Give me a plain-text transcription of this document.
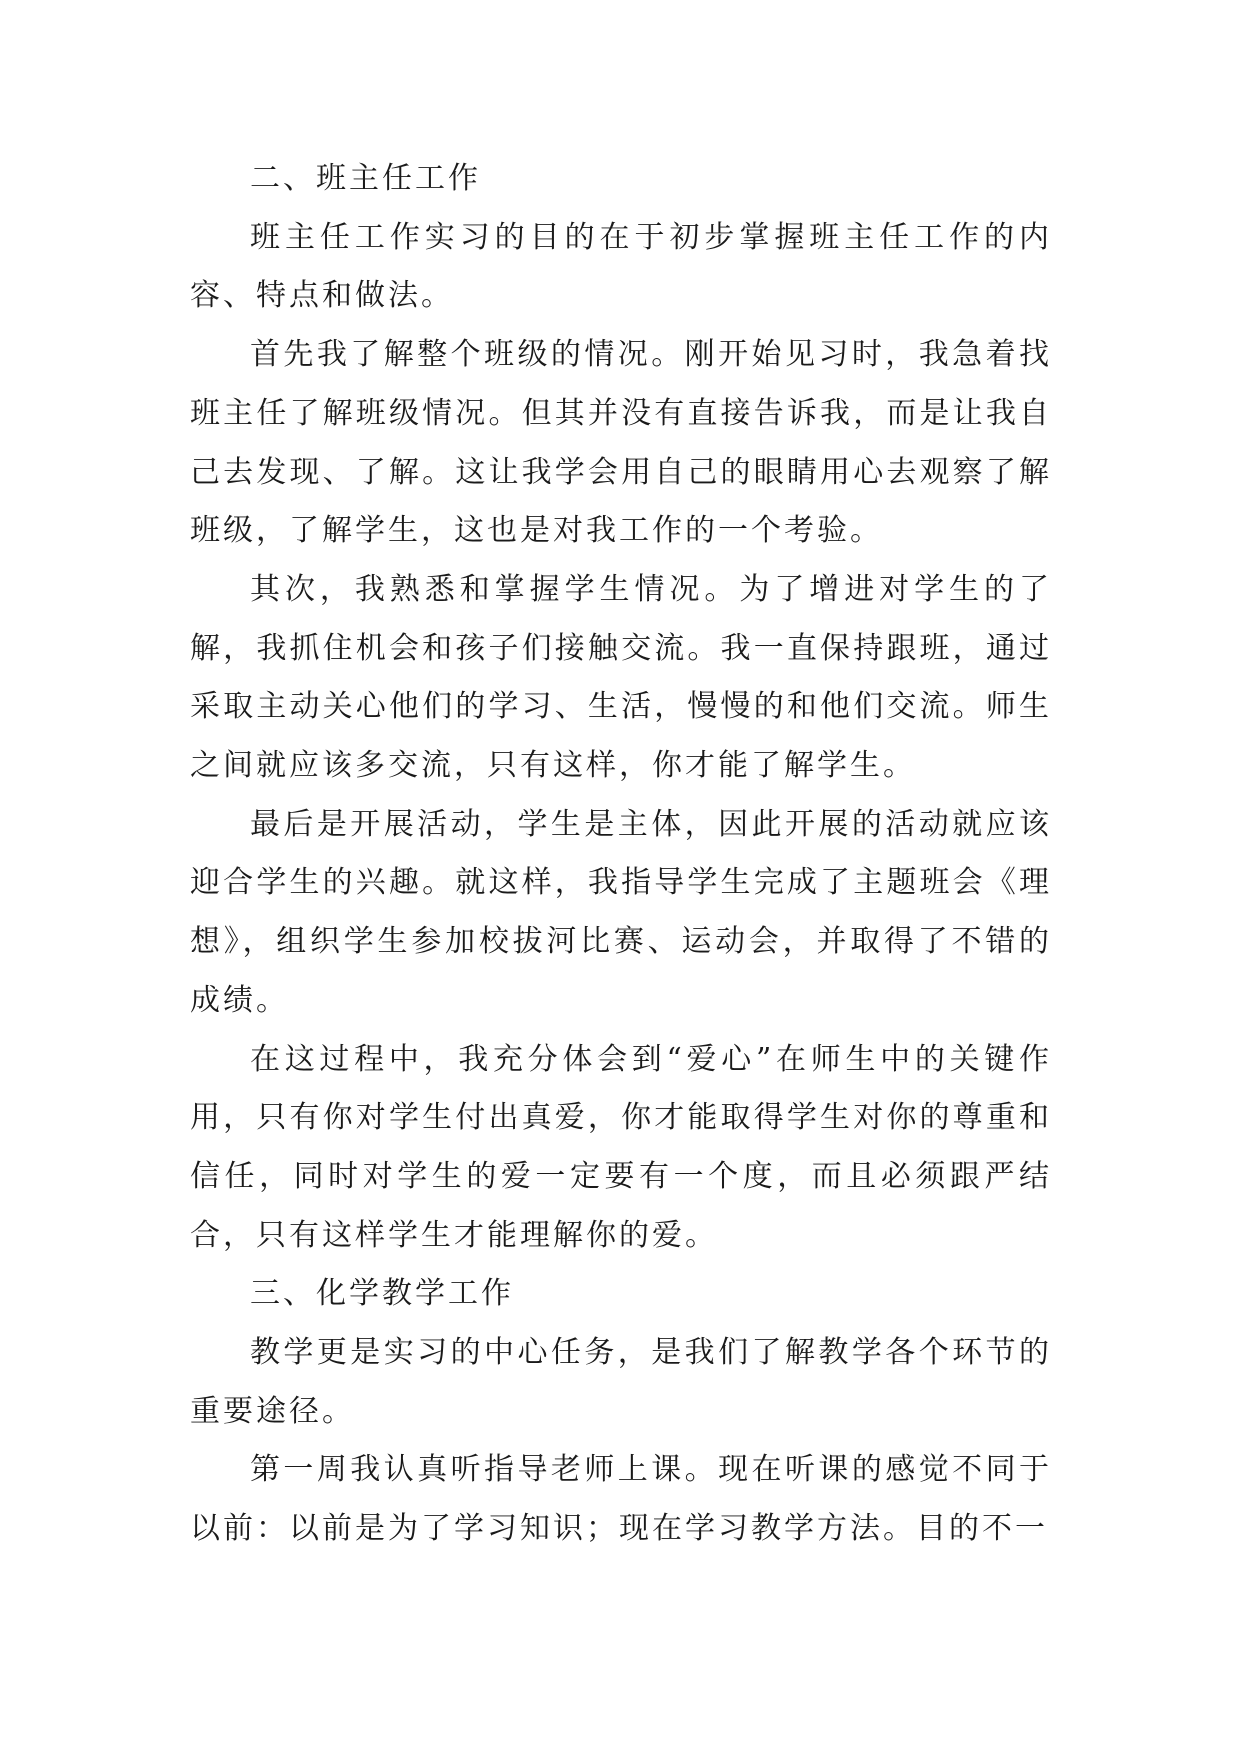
二、班主任工作

班主任工作实习的目的在于初步掌握班主任工作的内容、特点和做法。

首先我了解整个班级的情况。刚开始见习时，我急着找班主任了解班级情况。但其并没有直接告诉我，而是让我自己去发现、了解。这让我学会用自己的眼睛用心去观察了解班级，了解学生，这也是对我工作的一个考验。

其次，我熟悉和掌握学生情况。为了增进对学生的了解，我抓住机会和孩子们接触交流。我一直保持跟班，通过采取主动关心他们的学习、生活，慢慢的和他们交流。师生之间就应该多交流，只有这样，你才能了解学生。

最后是开展活动，学生是主体，因此开展的活动就应该迎合学生的兴趣。就这样，我指导学生完成了主题班会《理想》，组织学生参加校拔河比赛、运动会，并取得了不错的成绩。

在这过程中，我充分体会到“爱心”在师生中的关键作用，只有你对学生付出真爱，你才能取得学生对你的尊重和信任，同时对学生的爱一定要有一个度，而且必须跟严结合，只有这样学生才能理解你的爱。

三、化学教学工作

教学更是实习的中心任务，是我们了解教学各个环节的重要途径。

第一周我认真听指导老师上课。现在听课的感觉不同于以前：以前是为了学习知识；现在学习教学方法。目的不一
